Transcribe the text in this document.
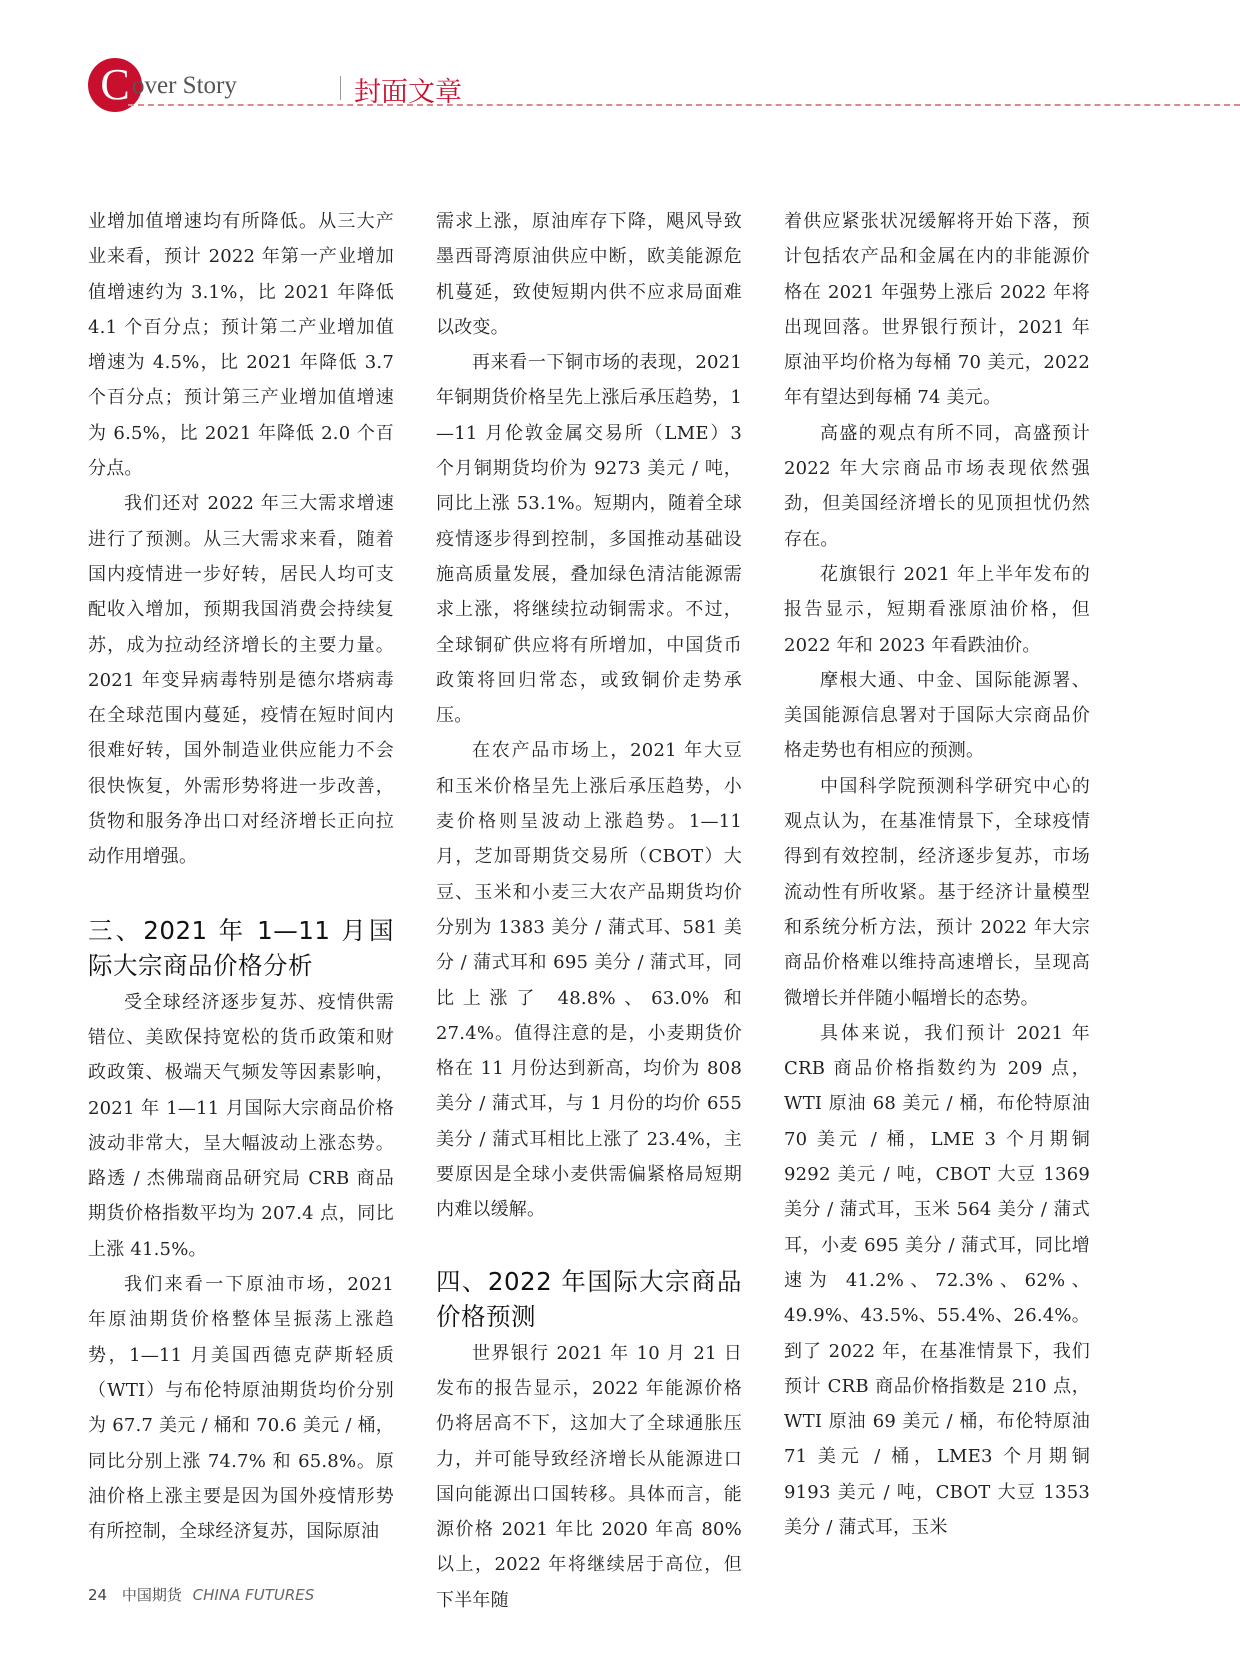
C over Story	封面文章

业增加值增速均有所降低。从三大产业来看，预计 2022 年第一产业增加值增速约为 3.1%，比 2021 年降低 4.1 个百分点；预计第二产业增加值增速为 4.5%，比 2021 年降低 3.7 个百分点；预计第三产业增加值增速为 6.5%，比 2021 年降低 2.0 个百分点。

我们还对 2022 年三大需求增速进行了预测。从三大需求来看，随着国内疫情进一步好转，居民人均可支配收入增加，预期我国消费会持续复苏，成为拉动经济增长的主要力量。2021 年变异病毒特别是德尔塔病毒在全球范围内蔓延，疫情在短时间内很难好转，国外制造业供应能力不会很快恢复，外需形势将进一步改善，货物和服务净出口对经济增长正向拉动作用增强。

三、2021 年 1—11 月国际大宗商品价格分析

受全球经济逐步复苏、疫情供需错位、美欧保持宽松的货币政策和财政政策、极端天气频发等因素影响，2021 年 1—11 月国际大宗商品价格波动非常大，呈大幅波动上涨态势。路透 / 杰佛瑞商品研究局 CRB 商品期货价格指数平均为 207.4 点，同比上涨 41.5%。

我们来看一下原油市场，2021 年原油期货价格整体呈振荡上涨趋势，1—11 月美国西德克萨斯轻质（WTI）与布伦特原油期货均价分别为 67.7 美元 / 桶和 70.6 美元 / 桶，同比分别上涨 74.7% 和 65.8%。原油价格上涨主要是因为国外疫情形势有所控制，全球经济复苏，国际原油

需求上涨，原油库存下降，飓风导致墨西哥湾原油供应中断，欧美能源危机蔓延，致使短期内供不应求局面难以改变。

再来看一下铜市场的表现，2021 年铜期货价格呈先上涨后承压趋势，1—11 月伦敦金属交易所（LME）3 个月铜期货均价为 9273 美元 / 吨，同比上涨 53.1%。短期内，随着全球疫情逐步得到控制，多国推动基础设施高质量发展，叠加绿色清洁能源需求上涨，将继续拉动铜需求。不过，全球铜矿供应将有所增加，中国货币政策将回归常态，或致铜价走势承压。

在农产品市场上，2021 年大豆和玉米价格呈先上涨后承压趋势，小麦价格则呈波动上涨趋势。1—11 月，芝加哥期货交易所（CBOT）大豆、玉米和小麦三大农产品期货均价分别为 1383 美分 / 蒲式耳、581 美分 / 蒲式耳和 695 美分 / 蒲式耳，同比上涨了 48.8%、63.0% 和 27.4%。值得注意的是，小麦期货价格在 11 月份达到新高，均价为 808 美分 / 蒲式耳，与 1 月份的均价 655 美分 / 蒲式耳相比上涨了 23.4%，主要原因是全球小麦供需偏紧格局短期内难以缓解。

四、2022 年国际大宗商品价格预测

世界银行 2021 年 10 月 21 日发布的报告显示，2022 年能源价格仍将居高不下，这加大了全球通胀压力，并可能导致经济增长从能源进口国向能源出口国转移。具体而言，能源价格 2021 年比 2020 年高 80% 以上，2022 年将继续居于高位，但下半年随

着供应紧张状况缓解将开始下落，预计包括农产品和金属在内的非能源价格在 2021 年强势上涨后 2022 年将出现回落。世界银行预计，2021 年原油平均价格为每桶 70 美元，2022 年有望达到每桶 74 美元。

高盛的观点有所不同，高盛预计 2022 年大宗商品市场表现依然强劲，但美国经济增长的见顶担忧仍然存在。

花旗银行 2021 年上半年发布的报告显示，短期看涨原油价格，但 2022 年和 2023 年看跌油价。

摩根大通、中金、国际能源署、美国能源信息署对于国际大宗商品价格走势也有相应的预测。

中国科学院预测科学研究中心的观点认为，在基准情景下，全球疫情得到有效控制，经济逐步复苏，市场流动性有所收紧。基于经济计量模型和系统分析方法，预计 2022 年大宗商品价格难以维持高速增长，呈现高微增长并伴随小幅增长的态势。

具体来说，我们预计 2021 年 CRB 商品价格指数约为 209 点，WTI 原油 68 美元 / 桶，布伦特原油 70 美元 / 桶，LME 3 个月期铜 9292 美元 / 吨，CBOT 大豆 1369 美分 / 蒲式耳，玉米 564 美分 / 蒲式耳，小麦 695 美分 / 蒲式耳，同比增速为 41.2%、72.3%、62%、49.9%、43.5%、55.4%、26.4%。到了 2022 年，在基准情景下，我们预计 CRB 商品价格指数是 210 点，WTI 原油 69 美元 / 桶，布伦特原油 71 美元 / 桶，LME3 个月期铜 9193 美元 / 吨，CBOT 大豆 1353 美分 / 蒲式耳，玉米

24 中国期货 CHINA FUTURES
